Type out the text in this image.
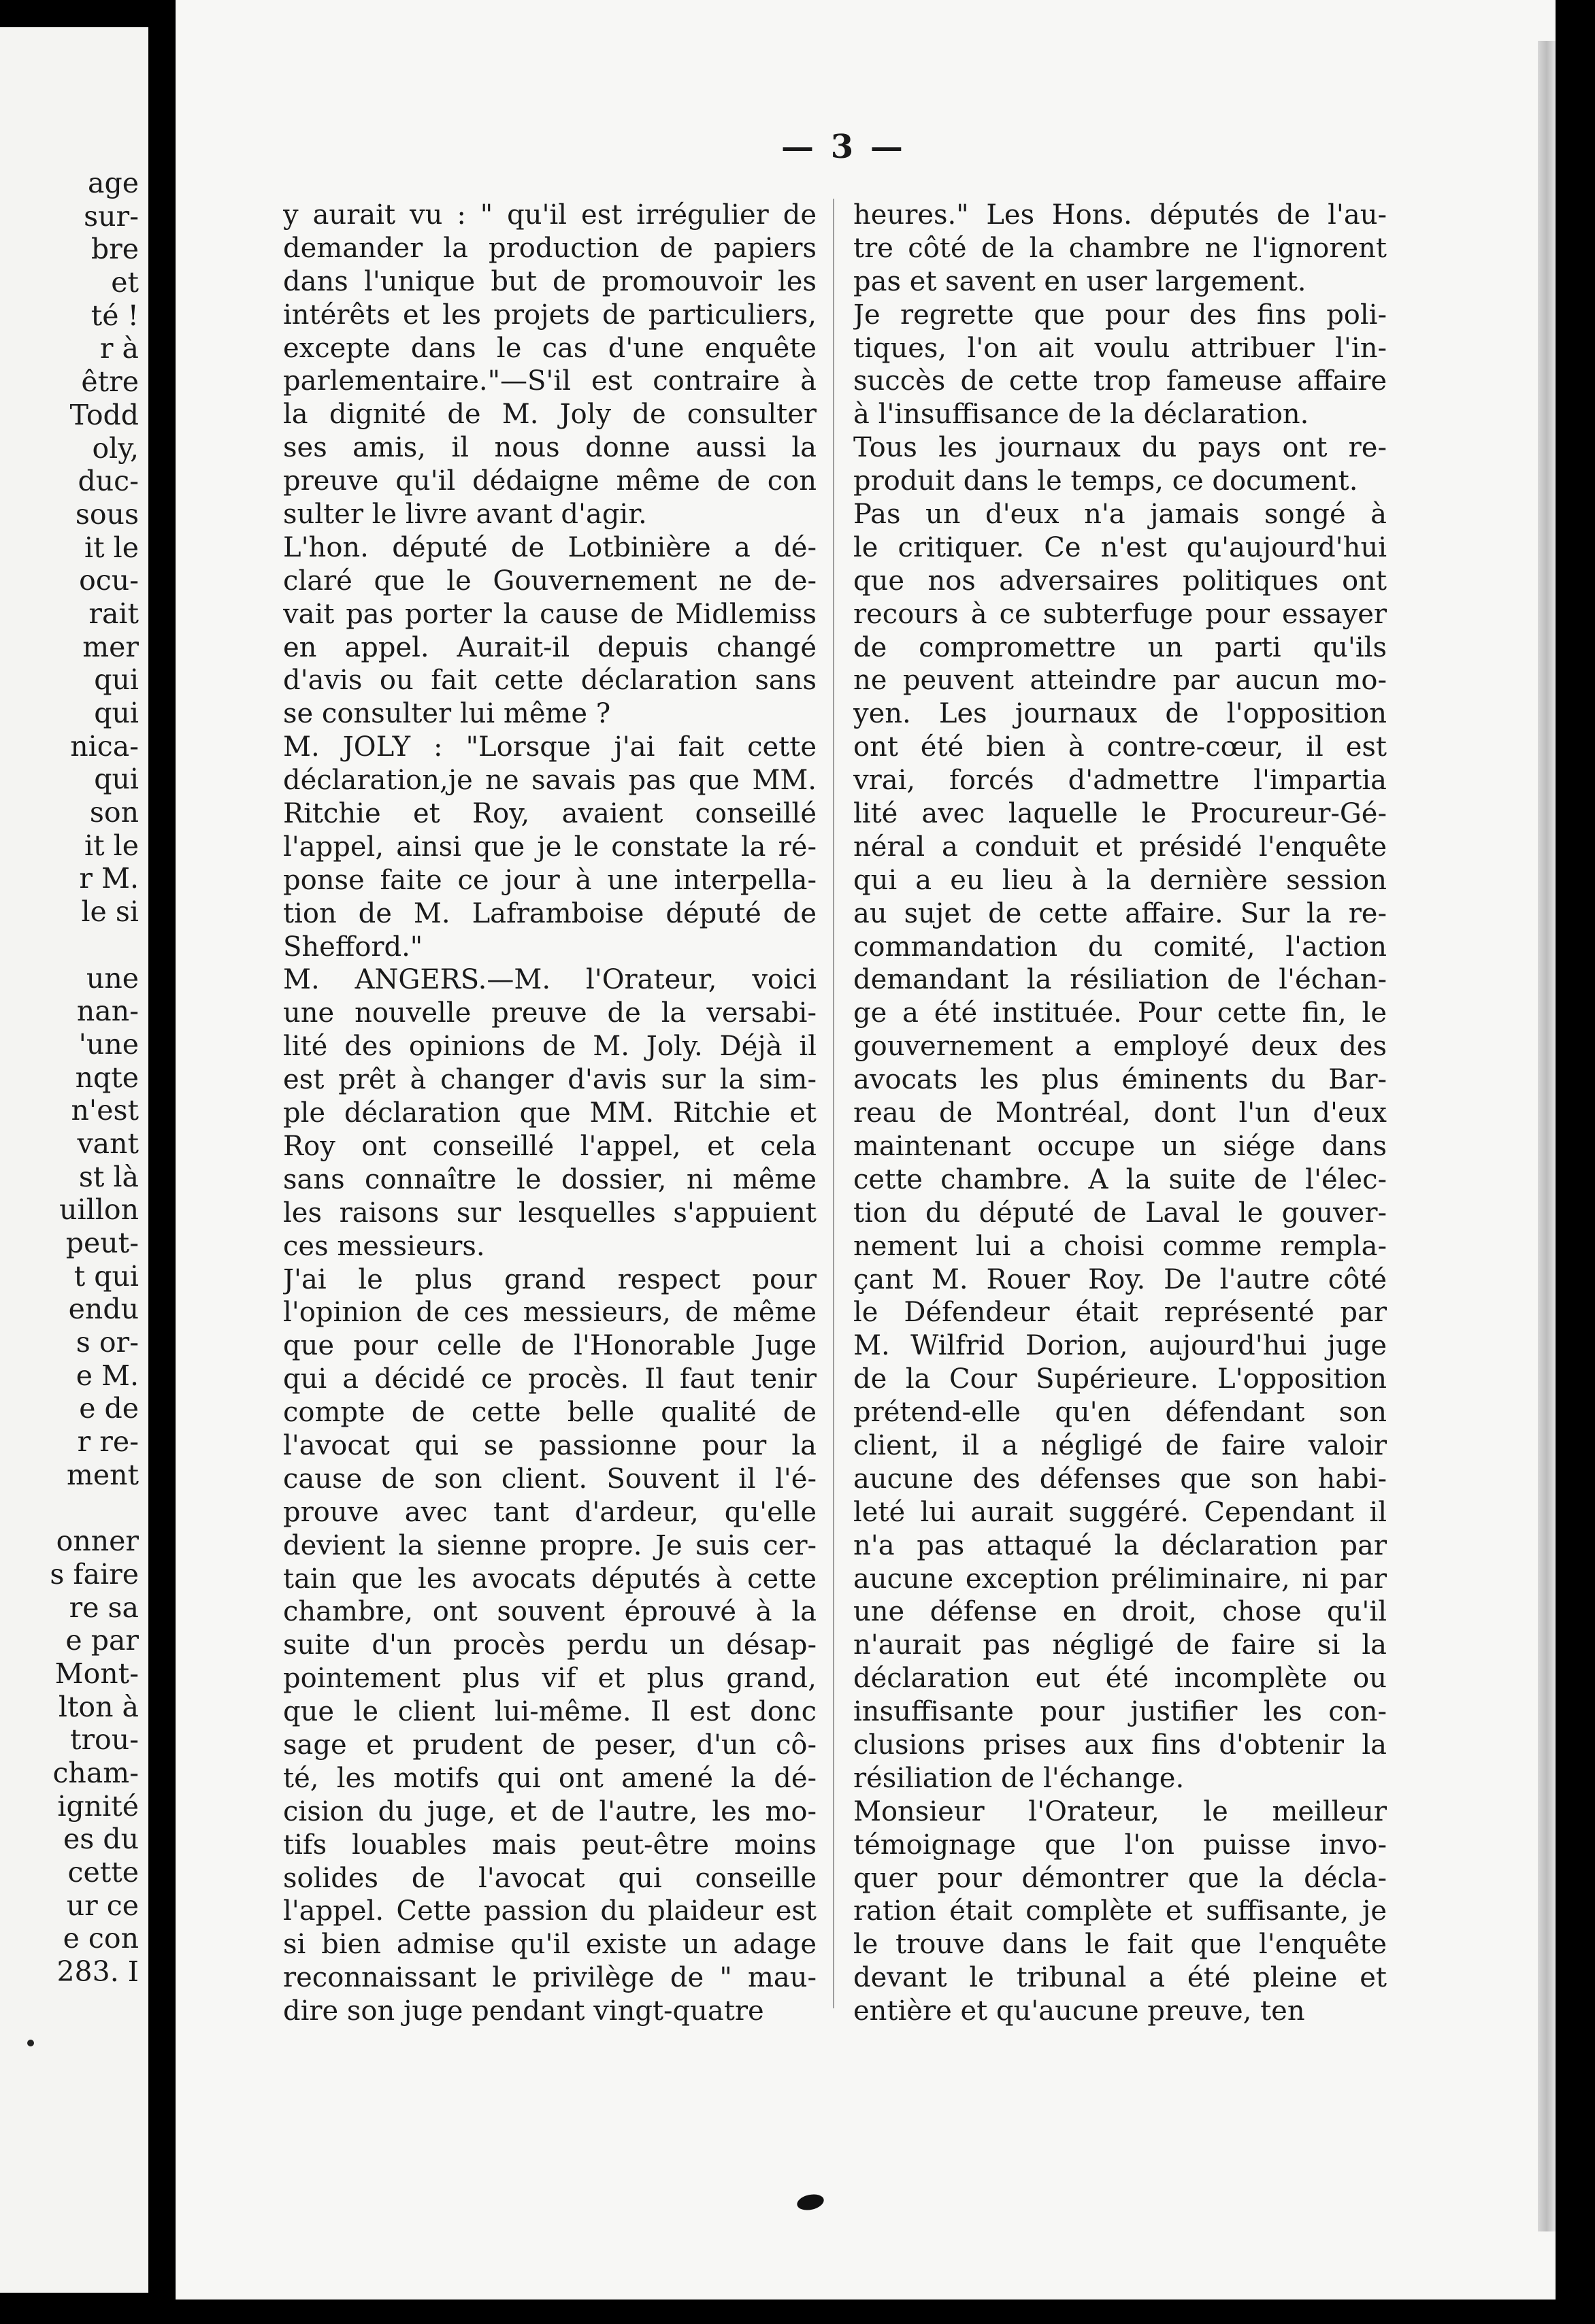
age
sur-
bre
et
té !
r à
être
Todd
oly,
duc-
sous
it le
ocu-
rait
mer
qui
qui
nica-
qui
son
it le
r M.
le si
une
nan-
'une
nqte
n'est
vant
st là
uillon
peut-
t qui
endu
s or-
e M.
e de
r re-
ment
onner
s faire
re sa
e par
Mont-
lton à
trou-
cham-
ignité
es du
cette
ur ce
e con
283. I
— 3 —
y aurait vu : " qu'il est irrégulier de
demander la production de papiers
dans l'unique but de promouvoir les
intérêts et les projets de particuliers,
excepte dans le cas d'une enquête
parlementaire."—S'il est contraire à
la dignité de M. Joly de consulter
ses amis, il nous donne aussi la
preuve qu'il dédaigne même de con
sulter le livre avant d'agir.
L'hon. député de Lotbinière a dé-
claré que le Gouvernement ne de-
vait pas porter la cause de Midlemiss
en appel. Aurait-il depuis changé
d'avis ou fait cette déclaration sans
se consulter lui même ?
M. JOLY : "Lorsque j'ai fait cette
déclaration,je ne savais pas que MM.
Ritchie et Roy, avaient conseillé
l'appel, ainsi que je le constate la ré-
ponse faite ce jour à une interpella-
tion de M. Laframboise député de
Shefford."
M. ANGERS.—M. l'Orateur, voici
une nouvelle preuve de la versabi-
lité des opinions de M. Joly. Déjà il
est prêt à changer d'avis sur la sim-
ple déclaration que MM. Ritchie et
Roy ont conseillé l'appel, et cela
sans connaître le dossier, ni même
les raisons sur lesquelles s'appuient
ces messieurs.
J'ai le plus grand respect pour
l'opinion de ces messieurs, de même
que pour celle de l'Honorable Juge
qui a décidé ce procès. Il faut tenir
compte de cette belle qualité de
l'avocat qui se passionne pour la
cause de son client. Souvent il l'é-
prouve avec tant d'ardeur, qu'elle
devient la sienne propre. Je suis cer-
tain que les avocats députés à cette
chambre, ont souvent éprouvé à la
suite d'un procès perdu un désap-
pointement plus vif et plus grand,
que le client lui-même. Il est donc
sage et prudent de peser, d'un cô-
té, les motifs qui ont amené la dé-
cision du juge, et de l'autre, les mo-
tifs louables mais peut-être moins
solides de l'avocat qui conseille
l'appel. Cette passion du plaideur est
si bien admise qu'il existe un adage
reconnaissant le privilège de " mau-
dire son juge pendant vingt-quatre
heures." Les Hons. députés de l'au-
tre côté de la chambre ne l'ignorent
pas et savent en user largement.
Je regrette que pour des fins poli-
tiques, l'on ait voulu attribuer l'in-
succès de cette trop fameuse affaire
à l'insuffisance de la déclaration.
Tous les journaux du pays ont re-
produit dans le temps, ce document.
Pas un d'eux n'a jamais songé à
le critiquer. Ce n'est qu'aujourd'hui
que nos adversaires politiques ont
recours à ce subterfuge pour essayer
de compromettre un parti qu'ils
ne peuvent atteindre par aucun mo-
yen. Les journaux de l'opposition
ont été bien à contre-cœur, il est
vrai, forcés d'admettre l'impartia
lité avec laquelle le Procureur-Gé-
néral a conduit et présidé l'enquête
qui a eu lieu à la dernière session
au sujet de cette affaire. Sur la re-
commandation du comité, l'action
demandant la résiliation de l'échan-
ge a été instituée. Pour cette fin, le
gouvernement a employé deux des
avocats les plus éminents du Bar-
reau de Montréal, dont l'un d'eux
maintenant occupe un siége dans
cette chambre. A la suite de l'élec-
tion du député de Laval le gouver-
nement lui a choisi comme rempla-
çant M. Rouer Roy. De l'autre côté
le Défendeur était représenté par
M. Wilfrid Dorion, aujourd'hui juge
de la Cour Supérieure. L'opposition
prétend-elle qu'en défendant son
client, il a négligé de faire valoir
aucune des défenses que son habi-
leté lui aurait suggéré. Cependant il
n'a pas attaqué la déclaration par
aucune exception préliminaire, ni par
une défense en droit, chose qu'il
n'aurait pas négligé de faire si la
déclaration eut été incomplète ou
insuffisante pour justifier les con-
clusions prises aux fins d'obtenir la
résiliation de l'échange.
Monsieur l'Orateur, le meilleur
témoignage que l'on puisse invo-
quer pour démontrer que la décla-
ration était complète et suffisante, je
le trouve dans le fait que l'enquête
devant le tribunal a été pleine et
entière et qu'aucune preuve, ten
